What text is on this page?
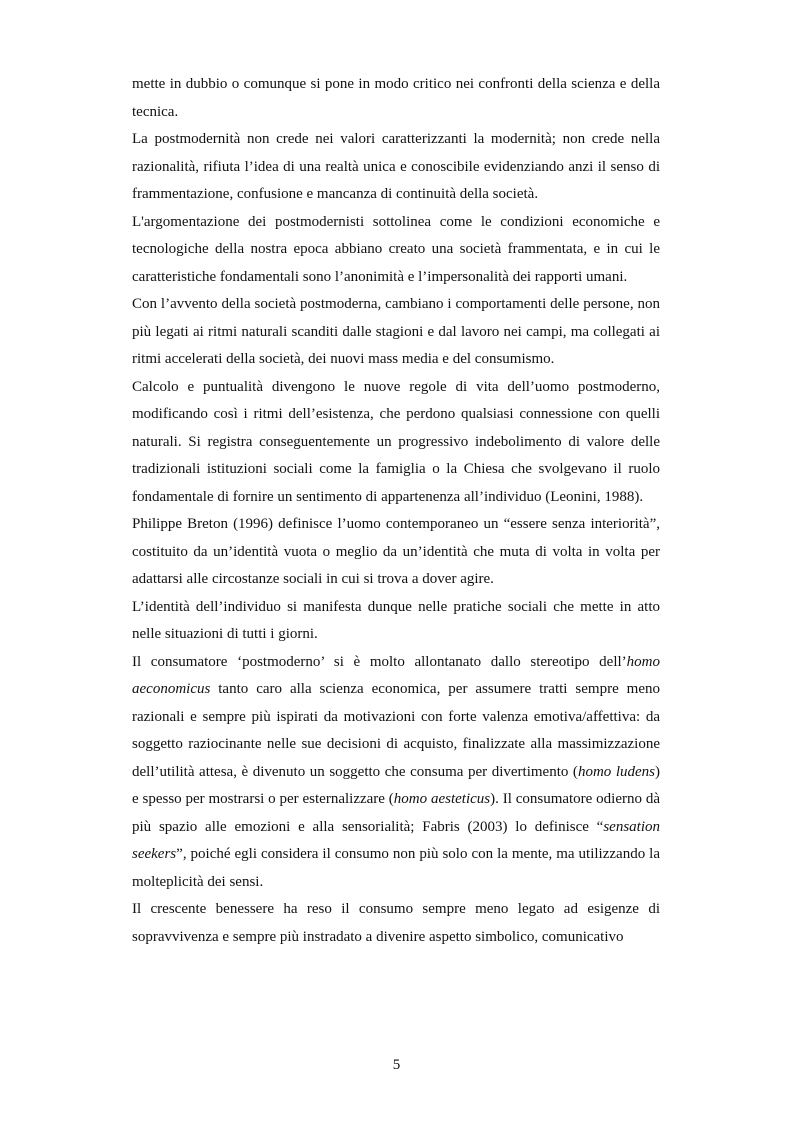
mette in dubbio o comunque si pone in modo critico nei confronti della scienza e della tecnica.

La postmodernità non crede nei valori caratterizzanti la modernità; non crede nella razionalità, rifiuta l’idea di una realtà unica e conoscibile evidenziando anzi il senso di frammentazione, confusione e mancanza di continuità della società.

L'argomentazione dei postmodernisti sottolinea come le condizioni economiche e tecnologiche della nostra epoca abbiano creato una società frammentata, e in cui le caratteristiche fondamentali sono l’anonimità e l’impersonalità dei rapporti umani.

Con l’avvento della società postmoderna, cambiano i comportamenti delle persone, non più legati ai ritmi naturali scanditi dalle stagioni e dal lavoro nei campi, ma collegati ai ritmi accelerati della società, dei nuovi mass media e del consumismo.

Calcolo e puntualità divengono le nuove regole di vita dell’uomo postmoderno, modificando così i ritmi dell’esistenza, che perdono qualsiasi connessione con quelli naturali. Si registra conseguentemente un progressivo indebolimento di valore delle tradizionali istituzioni sociali come la famiglia o la Chiesa che svolgevano il ruolo fondamentale di fornire un sentimento di appartenenza all’individuo (Leonini, 1988).

Philippe Breton (1996) definisce l’uomo contemporaneo un “essere senza interiorità”, costituito da un’identità vuota o meglio da un’identità che muta di volta in volta per adattarsi alle circostanze sociali in cui si trova a dover agire.

L’identità dell’individuo si manifesta dunque nelle pratiche sociali che mette in atto nelle situazioni di tutti i giorni.

Il consumatore ‘postmoderno’ si è molto allontanato dallo stereotipo dell’homo aeconomicus tanto caro alla scienza economica, per assumere tratti sempre meno razionali e sempre più ispirati da motivazioni con forte valenza emotiva/affettiva: da soggetto raziocinante nelle sue decisioni di acquisto, finalizzate alla massimizzazione dell’utilità attesa, è divenuto un soggetto che consuma per divertimento (homo ludens) e spesso per mostrarsi o per esternalizzare (homo aesteticus). Il consumatore odierno dà più spazio alle emozioni e alla sensorialità; Fabris (2003) lo definisce “sensation seekers”, poiché egli considera il consumo non più solo con la mente, ma utilizzando la molteplicità dei sensi.

Il crescente benessere ha reso il consumo sempre meno legato ad esigenze di sopravvivenza e sempre più instradato a divenire aspetto simbolico, comunicativo

5
